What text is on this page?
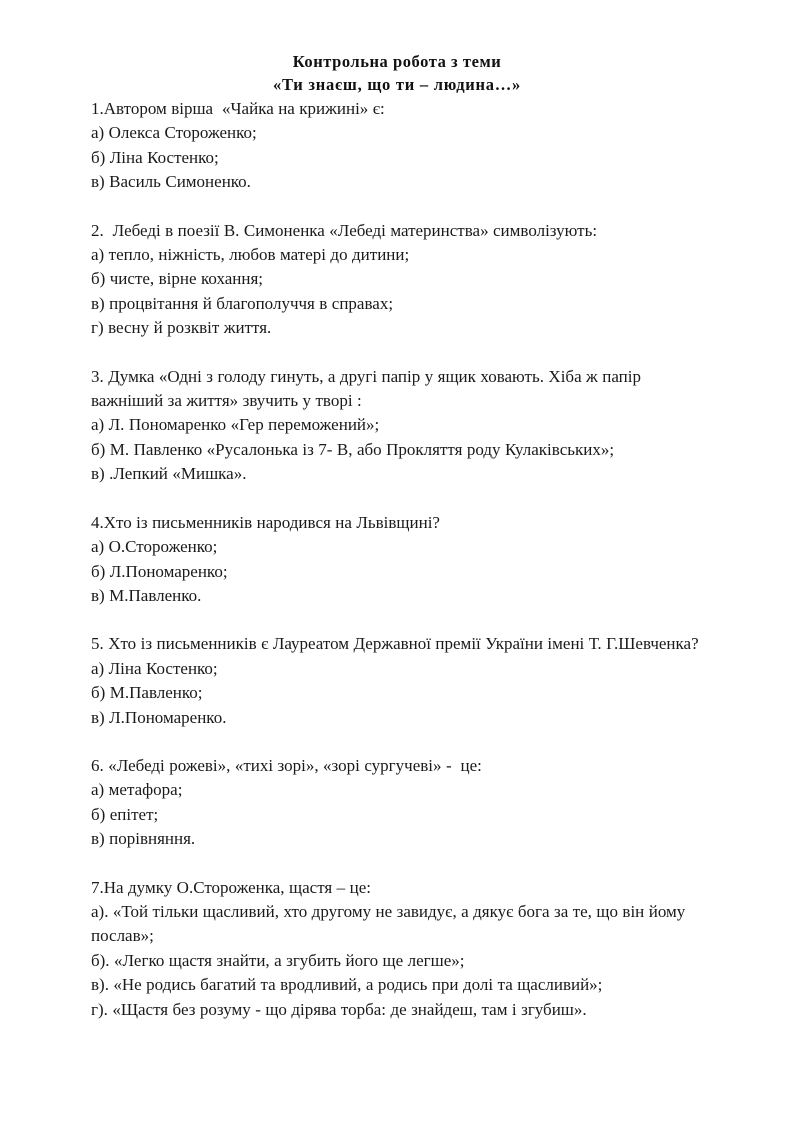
Контрольна робота з теми
«Ти знаєш, що ти – людина…»

1.Автором вірша  «Чайка на крижині» є:

а) Олекса Стороженко;

б) Ліна Костенко;

в) Василь Симоненко.

2.  Лебеді в поезії В. Симоненка «Лебеді материнства» символізують:

а) тепло, ніжність, любов матері до дитини;

б) чисте, вірне кохання;

в) процвітання й благополуччя в справах;

г) весну й розквіт життя.

3. Думка «Одні з голоду гинуть, а другі папір у ящик ховають. Хіба ж папір важніший за життя» звучить у творі :

а) Л. Пономаренко «Гер переможений»;

б) М. Павленко «Русалонька із 7- В, або Прокляття роду Кулаківських»;

в) .Лепкий «Мишка».

4.Хто із письменників народився на Львівщині?

а) О.Стороженко;

б) Л.Пономаренко;

в) М.Павленко.

5. Хто із письменників є Лауреатом Державної премії України імені Т. Г.Шевченка?

а) Ліна Костенко;

б) М.Павленко;

в) Л.Пономаренко.

6. «Лебеді рожеві», «тихі зорі», «зорі сургучеві» -  це:

а) метафора;

б) епітет;

в) порівняння.

7.На думку О.Стороженка, щастя – це:

а). «Той тільки щасливий, хто другому не завидує, а дякує бога за те, що він йому послав»;

б). «Легко щастя знайти, а згубить його ще легше»;

в). «Не родись багатий та вродливий, а родись при долі та щасливий»;

г). «Щастя без розуму - що дірява торба: де знайдеш, там і згубиш».
